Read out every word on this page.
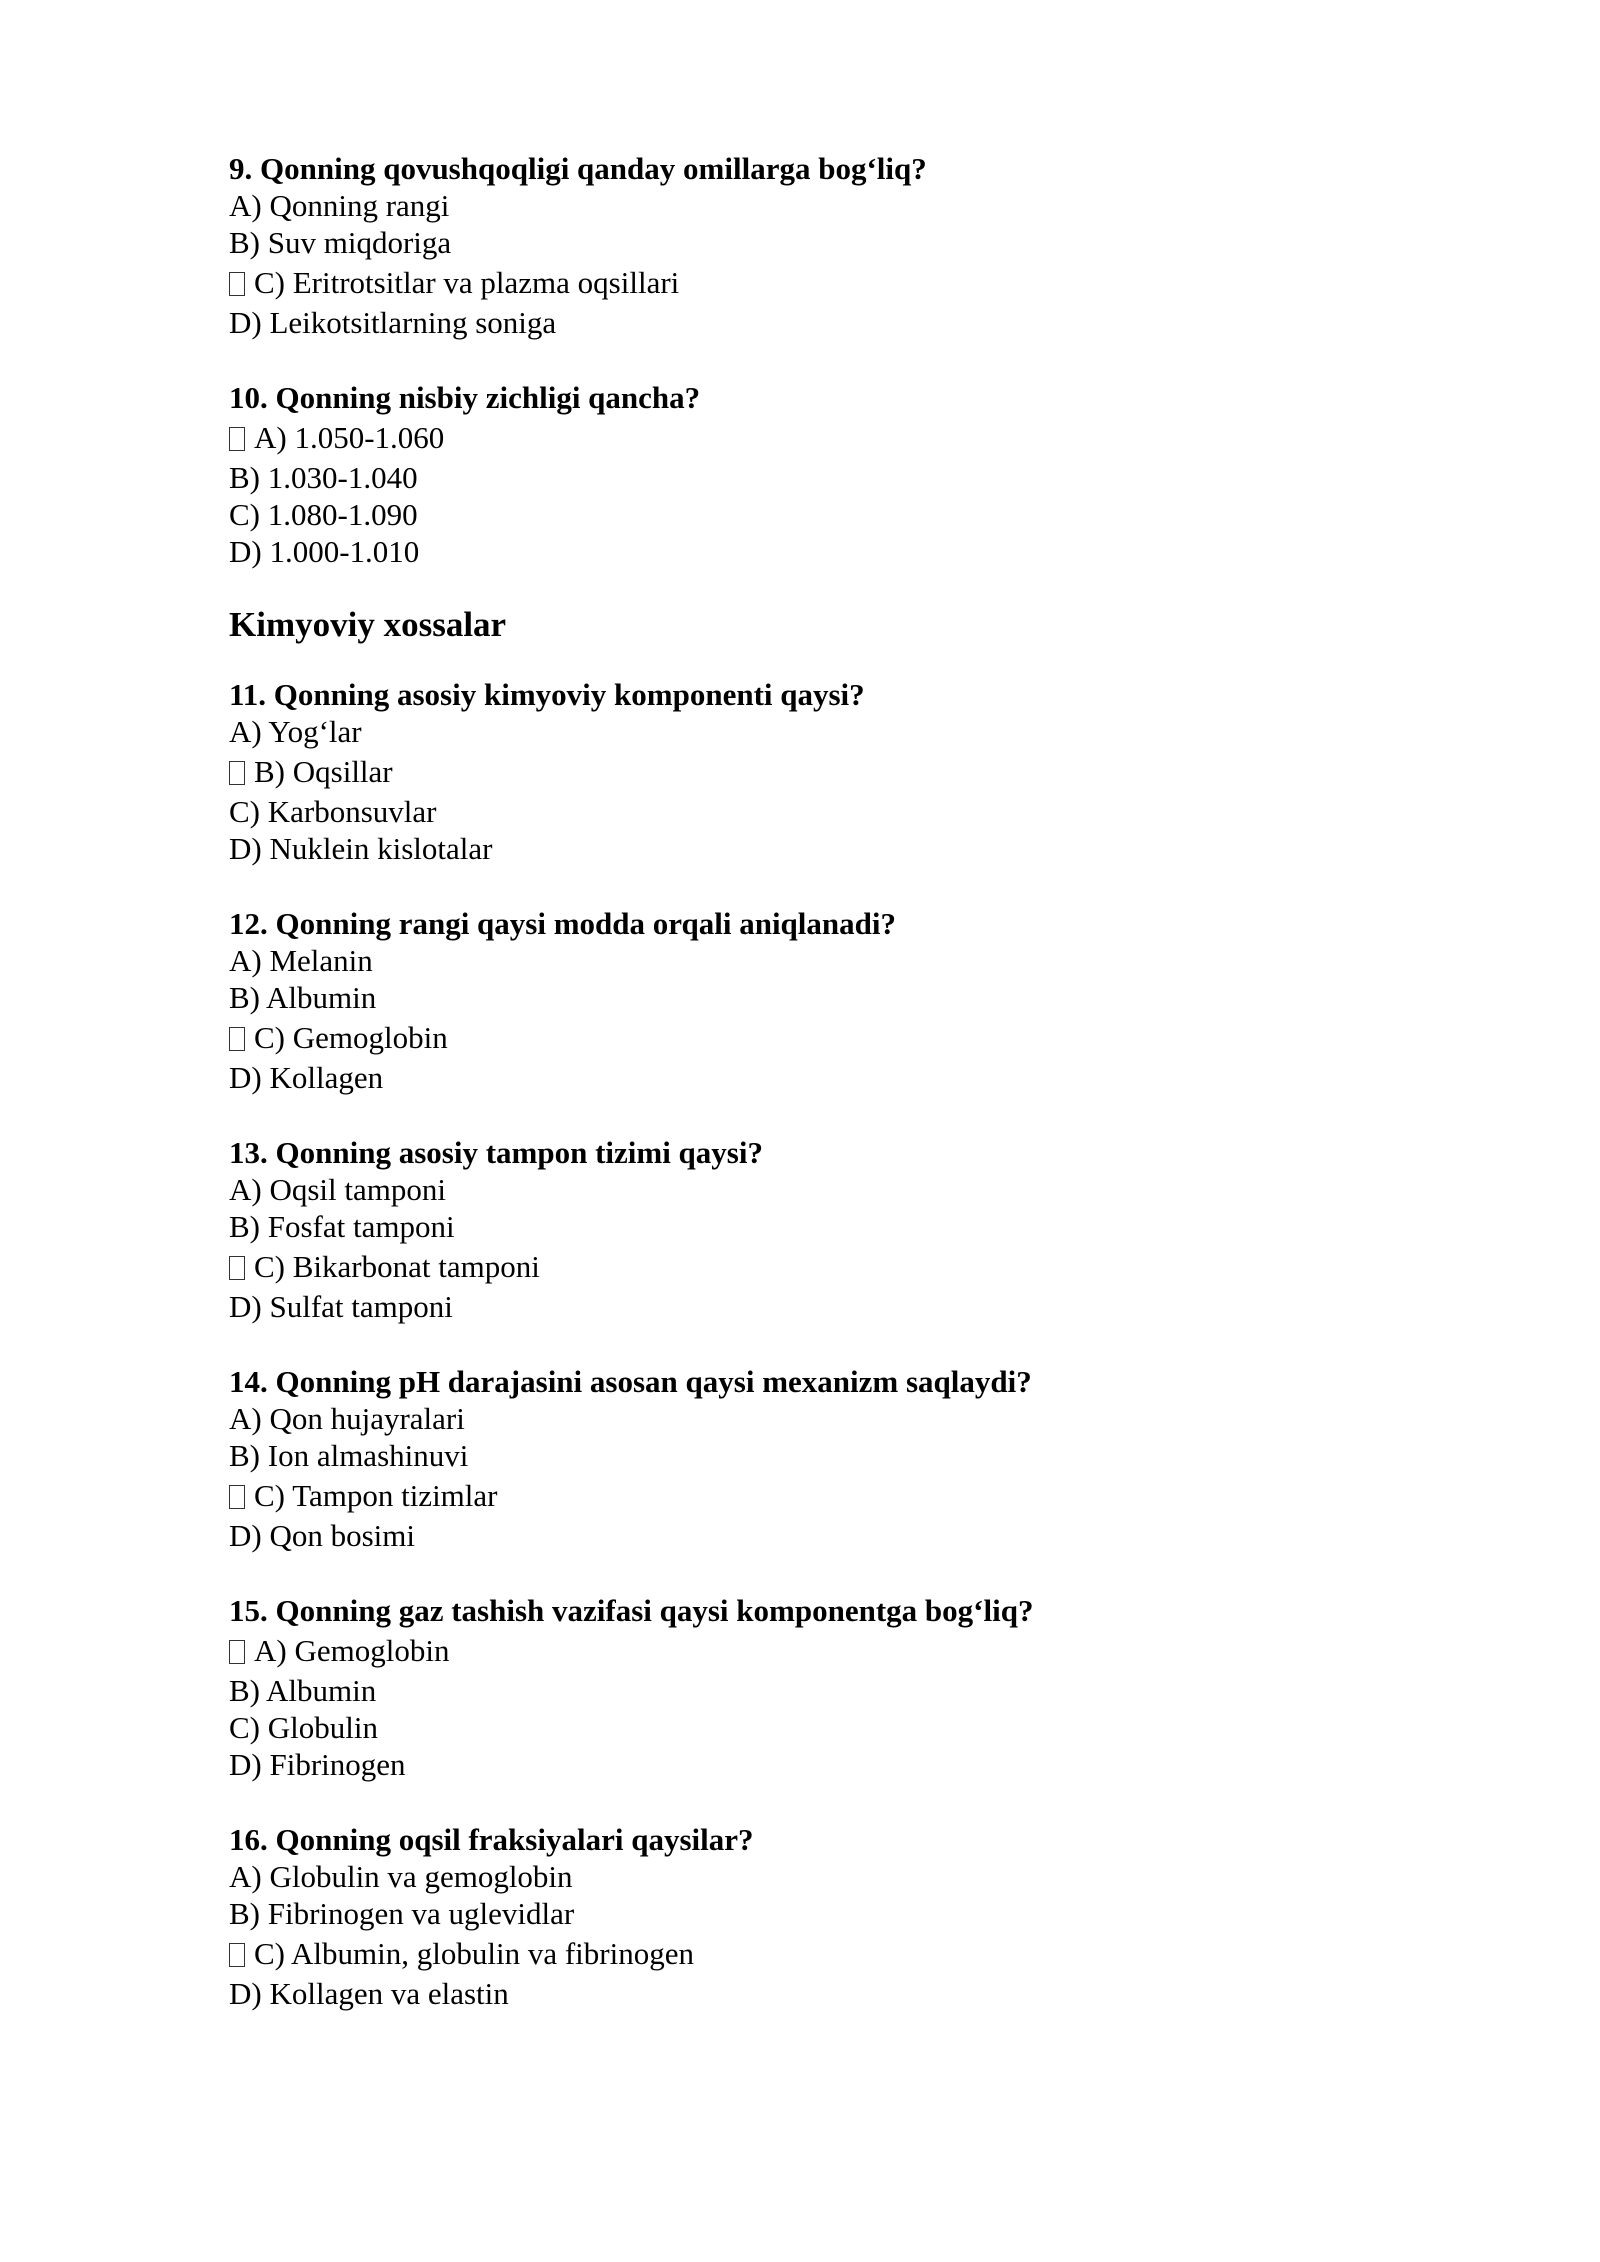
9. Qonning qovushqoqligi qanday omillarga bog‘liq?
A) Qonning rangi
B) Suv miqdoriga
C) Eritrotsitlar va plazma oqsillari
D) Leikotsitlarning soniga
10. Qonning nisbiy zichligi qancha?
A) 1.050-1.060
B) 1.030-1.040
C) 1.080-1.090
D) 1.000-1.010
Kimyoviy xossalar
11. Qonning asosiy kimyoviy komponenti qaysi?
A) Yog‘lar
B) Oqsillar
C) Karbonsuvlar
D) Nuklein kislotalar
12. Qonning rangi qaysi modda orqali aniqlanadi?
A) Melanin
B) Albumin
C) Gemoglobin
D) Kollagen
13. Qonning asosiy tampon tizimi qaysi?
A) Oqsil tamponi
B) Fosfat tamponi
C) Bikarbonat tamponi
D) Sulfat tamponi
14. Qonning pH darajasini asosan qaysi mexanizm saqlaydi?
A) Qon hujayralari
B) Ion almashinuvi
C) Tampon tizimlar
D) Qon bosimi
15. Qonning gaz tashish vazifasi qaysi komponentga bog‘liq?
A) Gemoglobin
B) Albumin
C) Globulin
D) Fibrinogen
16. Qonning oqsil fraksiyalari qaysilar?
A) Globulin va gemoglobin
B) Fibrinogen va uglevidlar
C) Albumin, globulin va fibrinogen
D) Kollagen va elastin
